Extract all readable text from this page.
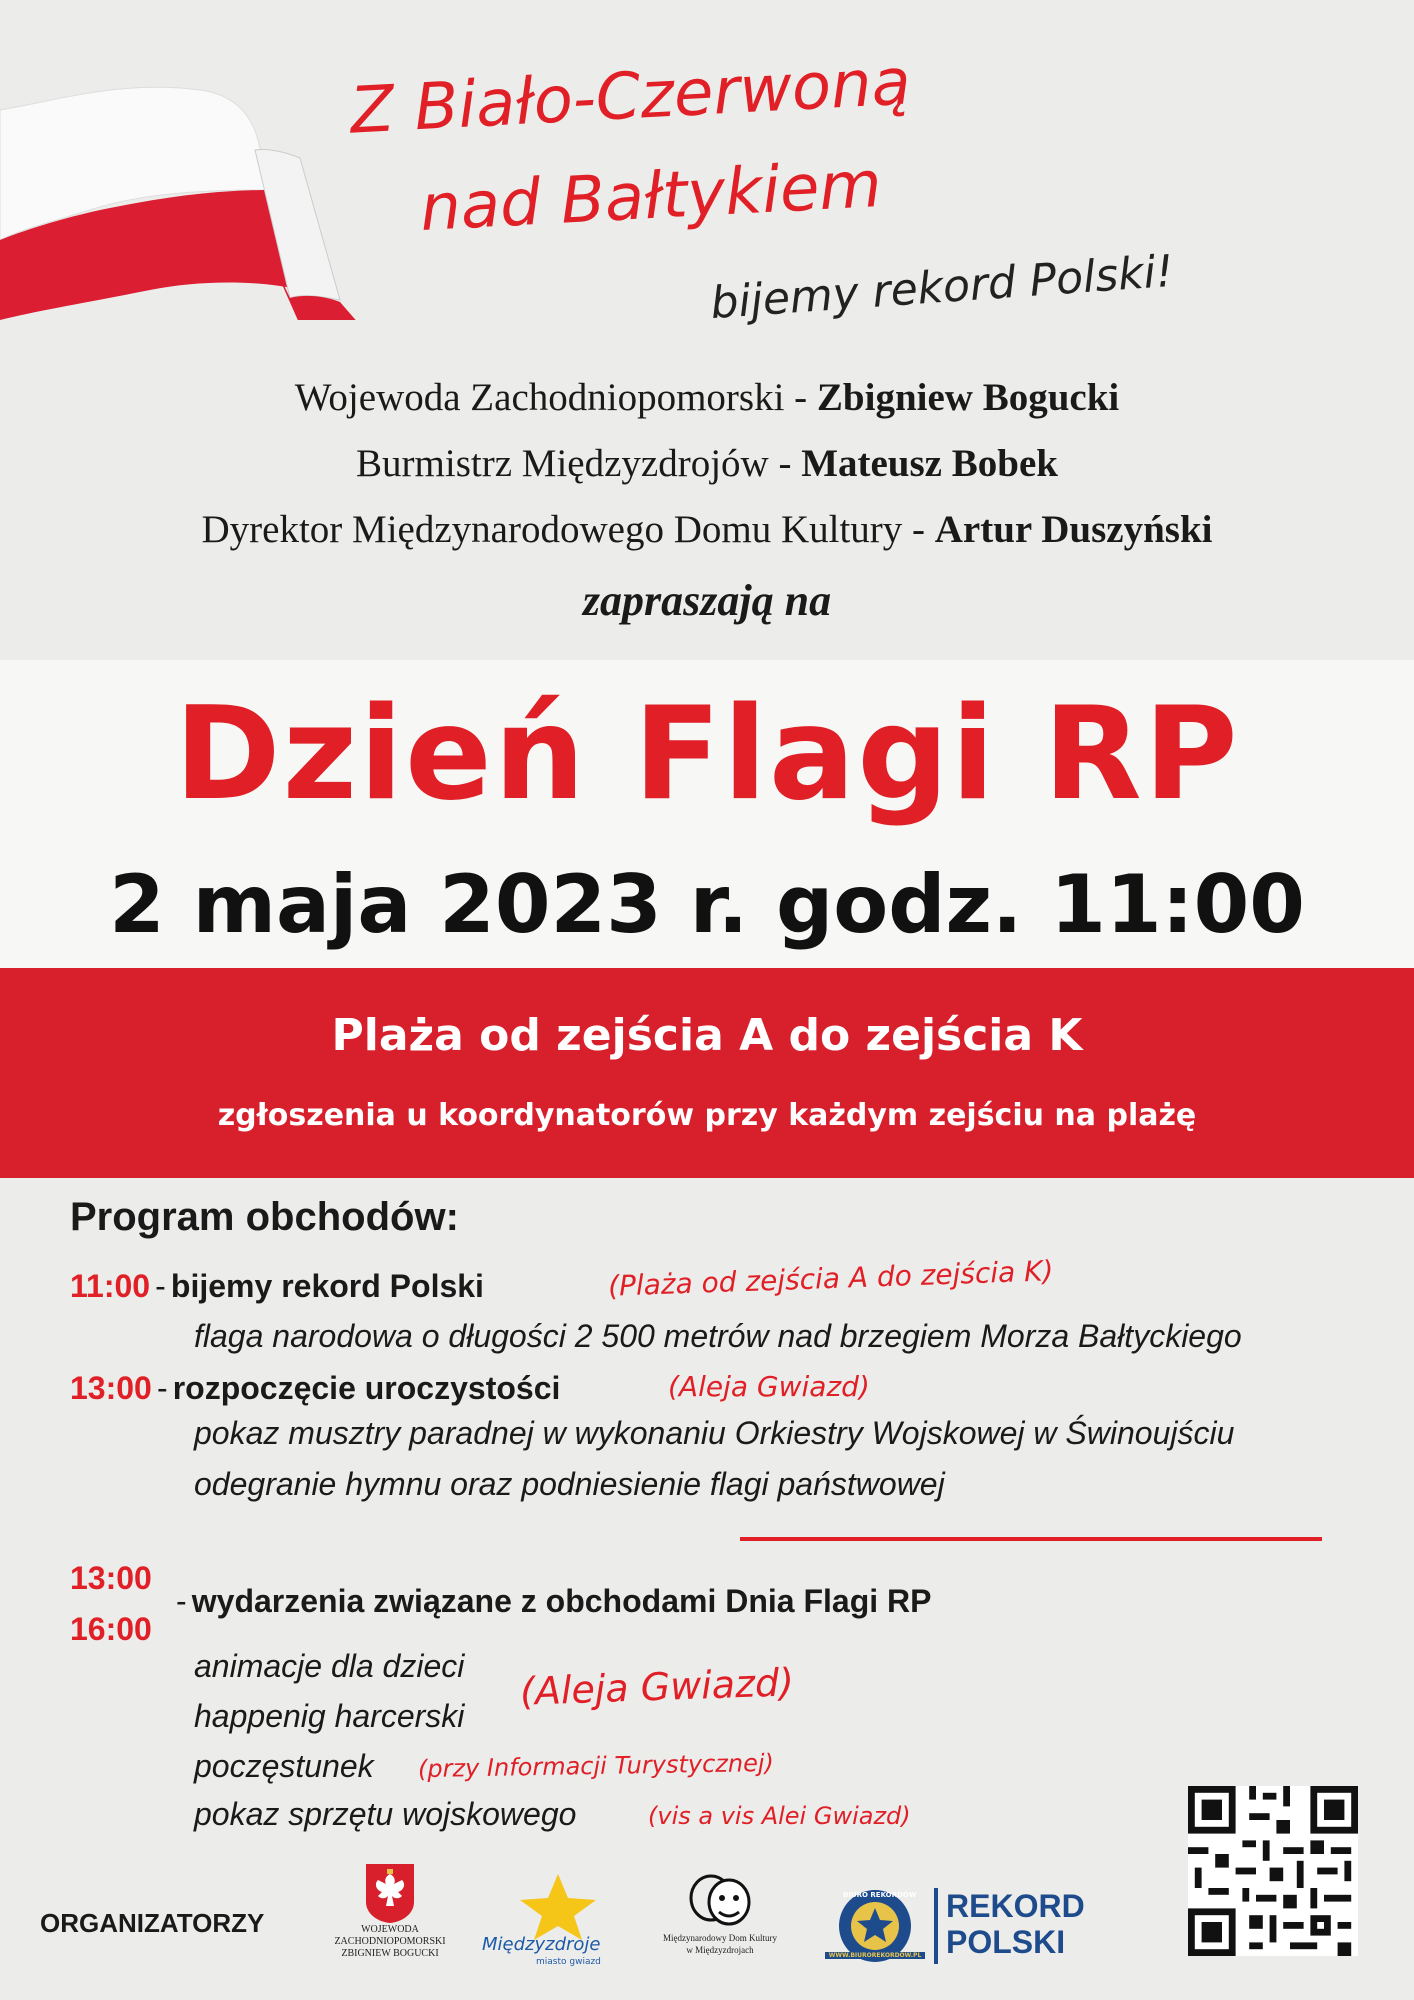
Z Biało-Czerwoną
nad Bałtykiem
bijemy rekord Polski!
Wojewoda Zachodniopomorski - Zbigniew Bogucki
Burmistrz Międzyzdrojów - Mateusz Bobek
Dyrektor Międzynarodowego Domu Kultury - Artur Duszyński
zapraszają na
Dzień Flagi RP
2 maja 2023 r. godz. 11:00
Plaża od zejścia A do zejścia K
zgłoszenia u koordynatorów przy każdym zejściu na plażę
Program obchodów:
11:00 - bijemy rekord Polski	(Plaża od zejścia A do zejścia K)
flaga narodowa o długości 2 500 metrów nad brzegiem Morza Bałtyckiego
13:00 - rozpoczęcie uroczystości	(Aleja Gwiazd)
pokaz musztry paradnej w wykonaniu Orkiestry Wojskowej w Świnoujściu
odegranie hymnu oraz podniesienie flagi państwowej
13:00
16:00
- wydarzenia związane z obchodami Dnia Flagi RP
animacje dla dzieci
happenig harcerski
(Aleja Gwiazd)
poczęstunek (przy Informacji Turystycznej)
pokaz sprzętu wojskowego	(vis a vis Alei Gwiazd)
ORGANIZATORZY	WOJEWODA
ZACHODNIOPOMORSKI
ZBIGNIEW BOGUCKI	Międzyzdroje
miasto gwiazd
Międzynarodowy Dom Kultury
w Międzyzdrojach
BIURO REKORDÓW
WWW.BIUROREKORDOW.PL
REKORD
POLSKI
